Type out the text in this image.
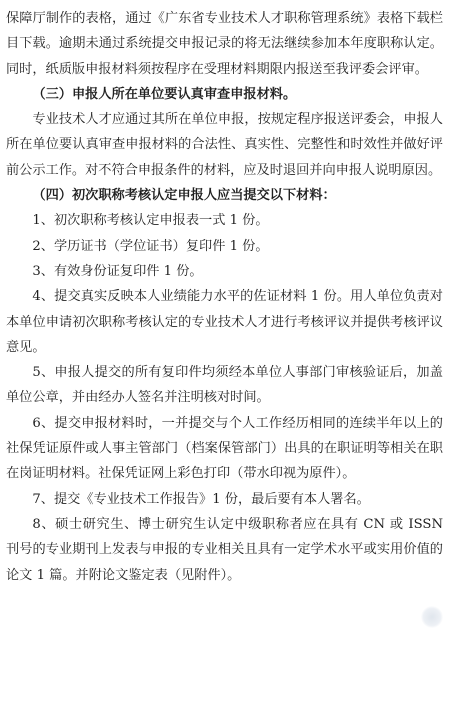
保障厅制作的表格，通过《广东省专业技术人才职称管理系统》表格下载栏目下载。逾期未通过系统提交申报记录的将无法继续参加本年度职称认定。同时，纸质版申报材料须按程序在受理材料期限内报送至我评委会评审。

（三）申报人所在单位要认真审查申报材料。

专业技术人才应通过其所在单位申报，按规定程序报送评委会，申报人所在单位要认真审查申报材料的合法性、真实性、完整性和时效性并做好评前公示工作。对不符合申报条件的材料，应及时退回并向申报人说明原因。

（四）初次职称考核认定申报人应当提交以下材料：

1、初次职称考核认定申报表一式 1 份。

2、学历证书（学位证书）复印件 1 份。

3、有效身份证复印件 1 份。

4、提交真实反映本人业绩能力水平的佐证材料 1 份。用人单位负责对本单位申请初次职称考核认定的专业技术人才进行考核评议并提供考核评议意见。

5、申报人提交的所有复印件均须经本单位人事部门审核验证后，加盖单位公章，并由经办人签名并注明核对时间。

6、提交申报材料时，一并提交与个人工作经历相同的连续半年以上的社保凭证原件或人事主管部门（档案保管部门）出具的在职证明等相关在职在岗证明材料。社保凭证网上彩色打印（带水印视为原件）。

7、提交《专业技术工作报告》1 份，最后要有本人署名。

8、硕士研究生、博士研究生认定中级职称者应在具有 CN 或 ISSN 刊号的专业期刊上发表与申报的专业相关且具有一定学术水平或实用价值的论文 1 篇。并附论文鉴定表（见附件）。
